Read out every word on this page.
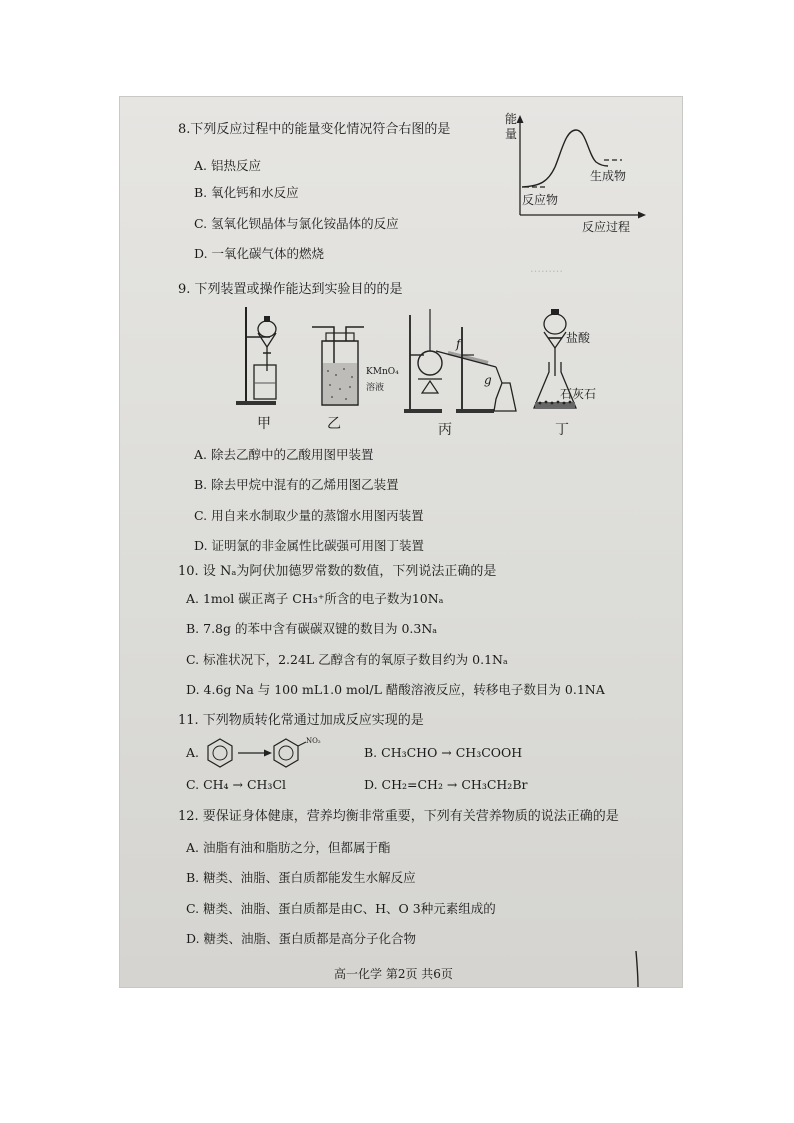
………
8.下列反应过程中的能量变化情况符合右图的是
A. 铝热反应
B. 氧化钙和水反应
C. 氢氧化钡晶体与氯化铵晶体的反应
D. 一氧化碳气体的燃烧
能量
反应物
生成物
反应过程
9. 下列装置或操作能达到实验目的的是
甲
KMnO₄
溶液
乙
f
g
丙
盐酸
石灰石
丁
A. 除去乙醇中的乙酸用图甲装置
B. 除去甲烷中混有的乙烯用图乙装置
C. 用自来水制取少量的蒸馏水用图丙装置
D. 证明氯的非金属性比碳强可用图丁装置
10. 设 Nₐ为阿伏加德罗常数的数值，下列说法正确的是
A. 1mol 碳正离子 CH₃⁺所含的电子数为10Nₐ
B. 7.8g 的苯中含有碳碳双键的数目为 0.3Nₐ
C. 标准状况下，2.24L 乙醇含有的氧原子数目约为 0.1Nₐ
D. 4.6g Na 与 100 mL1.0 mol/L 醋酸溶液反应，转移电子数目为 0.1NA
11. 下列物质转化常通过加成反应实现的是
A.
NO₂
B. CH₃CHO → CH₃COOH
C. CH₄ → CH₃Cl	D. CH₂=CH₂ → CH₃CH₂Br
12. 要保证身体健康，营养均衡非常重要，下列有关营养物质的说法正确的是
A. 油脂有油和脂肪之分，但都属于酯
B. 糖类、油脂、蛋白质都能发生水解反应
C. 糖类、油脂、蛋白质都是由C、H、O 3种元素组成的
D. 糖类、油脂、蛋白质都是高分子化合物
高一化学 第2页 共6页
